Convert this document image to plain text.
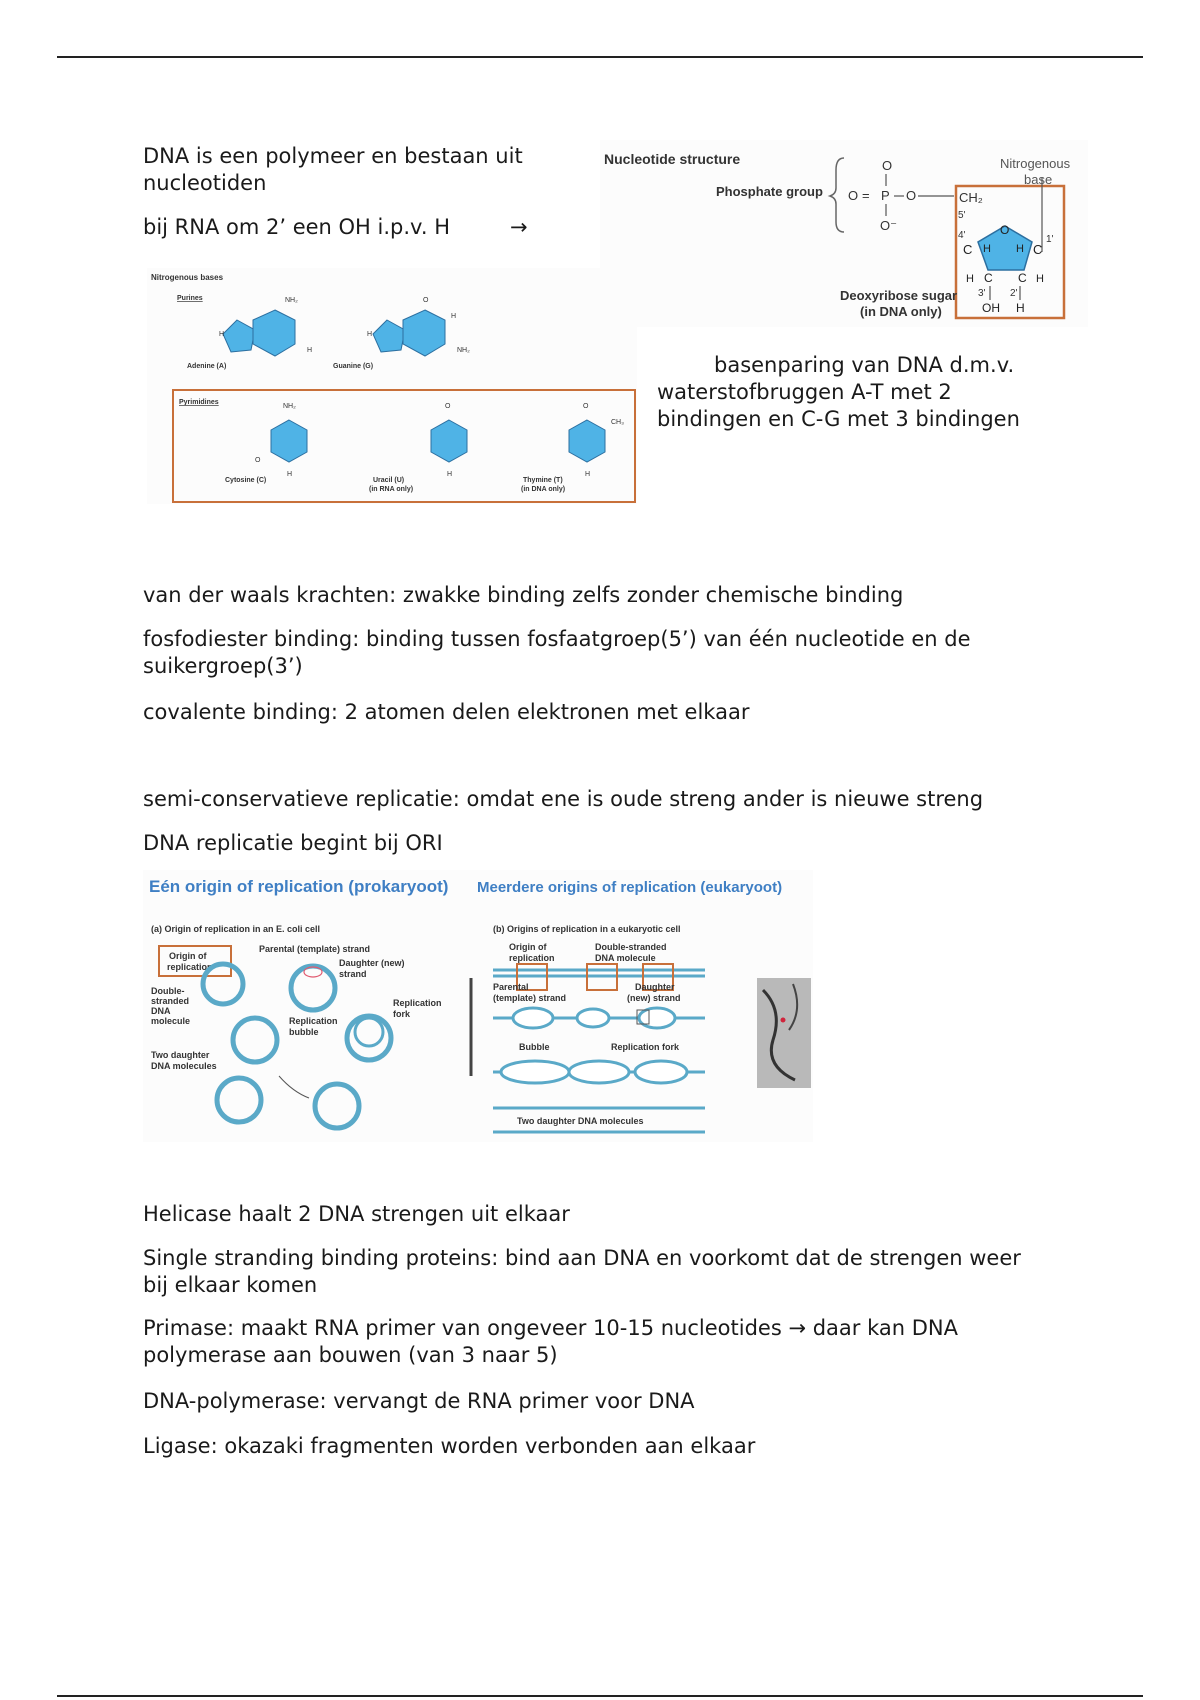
DNA is een polymeer en bestaan uit nucleotiden

bij RNA om 2’ een OH i.p.v. H	→

Nucleotide structure
Phosphate group
O
O = P O
O⁻
Nitrogenous
base
CH₂
5'
4'	O
C	C
1'
H H
H C C H
3' 2'
OH H
Deoxyribose sugar
(in DNA only)
Nitrogenous bases
Purines	NH₂
H
H
Adenine (A)
O
H
H
NH₂
Guanine (G)
Pyrimidines
NH₂
O
H
Cytosine (C)
O
H
Uracil (U)
(in RNA only)
O
CH₃
H
Thymine (T)
(in DNA only)

basenparing van DNA d.m.v. waterstofbruggen A-T met 2 bindingen en C-G met 3 bindingen

van der waals krachten: zwakke binding zelfs zonder chemische binding

fosfodiester binding: binding tussen fosfaatgroep(5’) van één nucleotide en de suikergroep(3’)

covalente binding: 2 atomen delen elektronen met elkaar

semi-conservatieve replicatie: omdat ene is oude streng ander is nieuwe streng

DNA replicatie begint bij ORI

Eén origin of replication (prokaryoot) Meerdere origins of replication (eukaryoot)
(a) Origin of replication in an E. coli cell
Origin of
replication
Parental (template) strand
Daughter (new)
strand
Double-
stranded
DNA
molecule	Replication
bubble
Replication
fork
Two daughter
DNA molecules
(b) Origins of replication in a eukaryotic cell
Origin of
replication
Double-stranded
DNA molecule
Parental
(template) strand
Daughter
(new) strand
Bubble	Replication fork
Two daughter DNA molecules

Helicase haalt 2 DNA strengen uit elkaar

Single stranding binding proteins: bind aan DNA en voorkomt dat de strengen weer bij elkaar komen

Primase: maakt RNA primer van ongeveer 10-15 nucleotides → daar kan DNA polymerase aan bouwen (van 3 naar 5)

DNA-polymerase: vervangt de RNA primer voor DNA

Ligase: okazaki fragmenten worden verbonden aan elkaar
